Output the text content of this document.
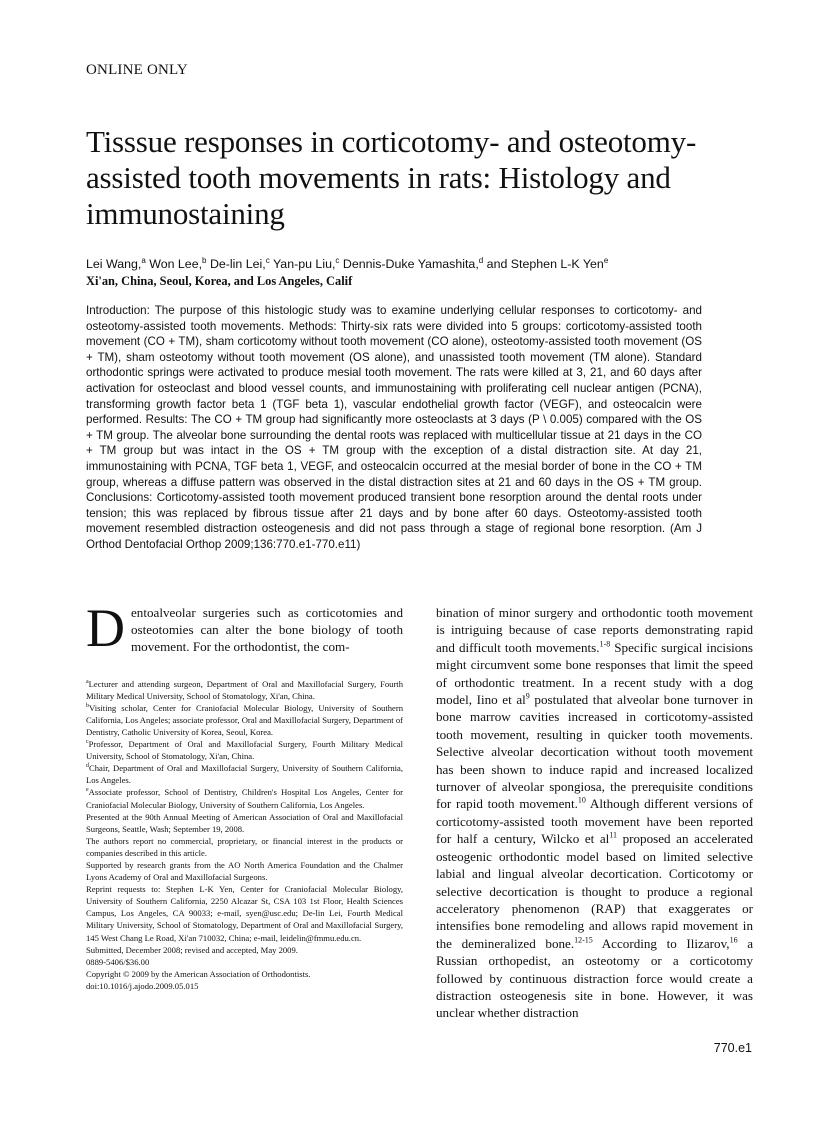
ONLINE ONLY
Tisssue responses in corticotomy- and osteotomy-assisted tooth movements in rats: Histology and immunostaining
Lei Wang,$^a$ Won Lee,$^b$ De-lin Lei,$^c$ Yan-pu Liu,$^c$ Dennis-Duke Yamashita,$^d$ and Stephen L-K Yen$^e$
Xi'an, China, Seoul, Korea, and Los Angeles, Calif

Introduction: The purpose of this histologic study was to examine underlying cellular responses to corticotomy- and osteotomy-assisted tooth movements. Methods: Thirty-six rats were divided into 5 groups: corticotomy-assisted tooth movement (CO + TM), sham corticotomy without tooth movement (CO alone), osteotomy-assisted tooth movement (OS + TM), sham osteotomy without tooth movement (OS alone), and unassisted tooth movement (TM alone). Standard orthodontic springs were activated to produce mesial tooth movement. The rats were killed at 3, 21, and 60 days after activation for osteoclast and blood vessel counts, and immunostaining with proliferating cell nuclear antigen (PCNA), transforming growth factor beta 1 (TGF beta 1), vascular endothelial growth factor (VEGF), and osteocalcin were performed. Results: The CO + TM group had significantly more osteoclasts at 3 days (P \ 0.005) compared with the OS + TM group. The alveolar bone surrounding the dental roots was replaced with multicellular tissue at 21 days in the CO + TM group but was intact in the OS + TM group with the exception of a distal distraction site. At day 21, immunostaining with PCNA, TGF beta 1, VEGF, and osteocalcin occurred at the mesial border of bone in the CO + TM group, whereas a diffuse pattern was observed in the distal distraction sites at 21 and 60 days in the OS + TM group. Conclusions: Corticotomy-assisted tooth movement produced transient bone resorption around the dental roots under tension; this was replaced by fibrous tissue after 21 days and by bone after 60 days. Osteotomy-assisted tooth movement resembled distraction osteogenesis and did not pass through a stage of regional bone resorption. (Am J Orthod Dentofacial Orthop 2009;136:770.e1-770.e11)

Dentoalveolar surgeries such as corticotomies and osteotomies can alter the bone biology of tooth movement. For the orthodontist, the com-

$^a$Lecturer and attending surgeon, Department of Oral and Maxillofacial Surgery, Fourth Military Medical University, School of Stomatology, Xi'an, China.

$^b$Visiting scholar, Center for Craniofacial Molecular Biology, University of Southern California, Los Angeles; associate professor, Oral and Maxillofacial Surgery, Department of Dentistry, Catholic University of Korea, Seoul, Korea.

$^c$Professor, Department of Oral and Maxillofacial Surgery, Fourth Military Medical University, School of Stomatology, Xi'an, China.

$^d$Chair, Department of Oral and Maxillofacial Surgery, University of Southern California, Los Angeles.

$^e$Associate professor, School of Dentistry, Children's Hospital Los Angeles, Center for Craniofacial Molecular Biology, University of Southern California, Los Angeles.

Presented at the 90th Annual Meeting of American Association of Oral and Maxillofacial Surgeons, Seattle, Wash; September 19, 2008.

The authors report no commercial, proprietary, or financial interest in the products or companies described in this article.

Supported by research grants from the AO North America Foundation and the Chalmer Lyons Academy of Oral and Maxillofacial Surgeons.

Reprint requests to: Stephen L-K Yen, Center for Craniofacial Molecular Biology, University of Southern California, 2250 Alcazar St, CSA 103 1st Floor, Health Sciences Campus, Los Angeles, CA 90033; e-mail, syen@usc.edu; De-lin Lei, Fourth Medical Military University, School of Stomatology, Department of Oral and Maxillofacial Surgery, 145 West Chang Le Road, Xi'an 710032, China; e-mail, leidelin@fmmu.edu.cn.

Submitted, December 2008; revised and accepted, May 2009.

0889-5406/$36.00

Copyright © 2009 by the American Association of Orthodontists.

doi:10.1016/j.ajodo.2009.05.015

bination of minor surgery and orthodontic tooth movement is intriguing because of case reports demonstrating rapid and difficult tooth movements.$^{1-8}$ Specific surgical incisions might circumvent some bone responses that limit the speed of orthodontic treatment. In a recent study with a dog model, Iino et $al^9$ postulated that alveolar bone turnover in bone marrow cavities increased in corticotomy-assisted tooth movement, resulting in quicker tooth movements. Selective alveolar decortication without tooth movement has been shown to induce rapid and increased localized turnover of alveolar spongiosa, the prerequisite conditions for rapid tooth movement.$^{10}$ Although different versions of corticotomy-assisted tooth movement have been reported for half a century, Wilcko et $al^{11}$ proposed an accelerated osteogenic orthodontic model based on limited selective labial and lingual alveolar decortication. Corticotomy or selective decortication is thought to produce a regional acceleratory phenomenon (RAP) that exaggerates or intensifies bone remodeling and allows rapid movement in the demineralized bone.$^{12-15}$ According to Ilizarov,$^{16}$ a Russian orthopedist, an osteotomy or a corticotomy followed by continuous distraction force would create a distraction osteogenesis site in bone. However, it was unclear whether distraction

770.e1
